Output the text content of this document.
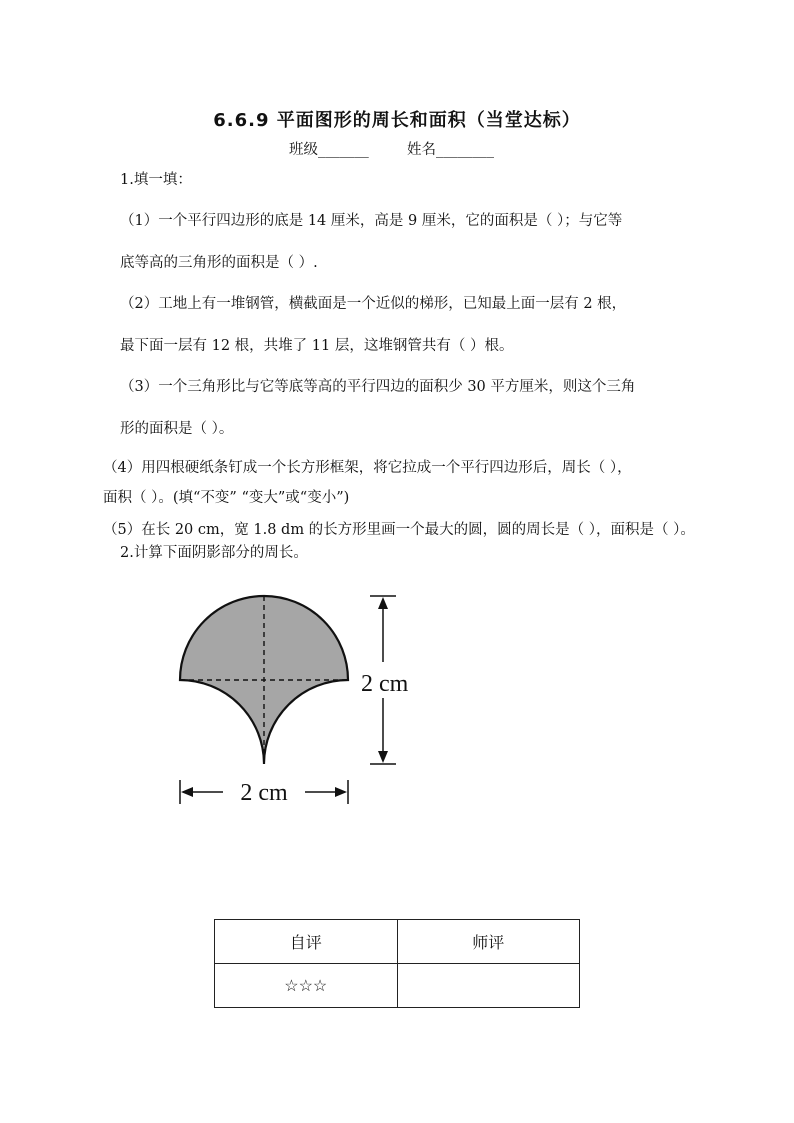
6.6.9 平面图形的周长和面积（当堂达标）
班级_______	姓名________
1.填一填：
（1）一个平行四边形的底是 14 厘米，高是 9 厘米，它的面积是（ ）；与它等
底等高的三角形的面积是（ ）.
（2）工地上有一堆钢管，横截面是一个近似的梯形，已知最上面一层有 2 根，
最下面一层有 12 根，共堆了 11 层，这堆钢管共有（ ）根。
（3）一个三角形比与它等底等高的平行四边的面积少 30 平方厘米，则这个三角
形的面积是（ ）。
（4）用四根硬纸条钉成一个长方形框架，将它拉成一个平行四边形后，周长（ ），
面积（ ）。(填“不变” “变大”或“变小”)
（5）在长 20 cm，宽 1.8 dm 的长方形里画一个最大的圆，圆的周长是（ ），面积是（ ）。
2.计算下面阴影部分的周长。
2 cm
2 cm
自评	师评
☆☆☆	
